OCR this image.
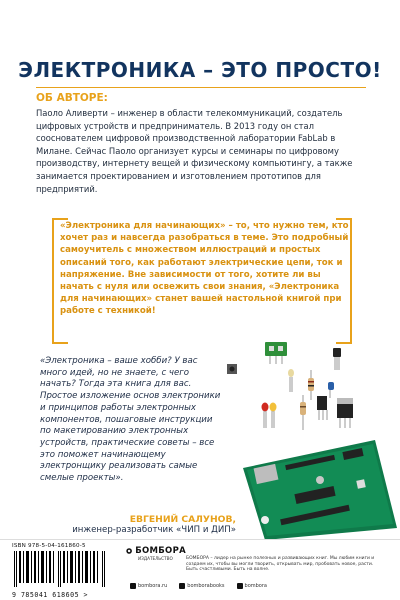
ЭЛЕКТРОНИКА – ЭТО ПРОСТО!
ОБ АВТОРЕ:
Паоло Аливерти – инженер в области телекоммуникаций, создатель цифровых устройств и предприниматель. В 2013 году он стал сооснователем цифровой производственной лаборатории FabLab в Милане. Сейчас Паоло организует курсы и семинары по цифровому производству, интернету вещей и физическому компьютингу, а также занимается проектированием и изготовлением прототипов для предприятий.
«Электроника для начинающих» – то, что нужно тем, кто хочет раз и навсегда разобраться в теме. Это подробный самоучитель с множеством иллюстраций и простых описаний того, как работают электрические цепи, ток и напряжение. Вне зависимости от того, хотите ли вы начать с нуля или освежить свои знания, «Электроника для начинающих» станет вашей настольной книгой при работе с техникой!
«Электроника – ваше хобби? У вас много идей, но не знаете, с чего начать? Тогда эта книга для вас. Простое изложение основ электроники и принципов работы электронных компонентов, пошаговые инструкции по макетированию электронных устройств, практические советы – все это поможет начинающему электронщику реализовать самые смелые проекты».
ЕВГЕНИЙ САЛУНОВ,
инженер-разработчик «ЧИП и ДИП»
ISBN 978-5-04-161860-5
9 785041 618605 >
БОМБОРА
ИЗДАТЕЛЬСТВО	БОМБОРА – лидер на рынке полезных и развивающих книг. Мы любим книги и создаем их, чтобы вы могли творить, открывать мир, пробовать новое, расти. Быть счастливыми. Быть на волне.
bombora.ru	bomborabooks	bombora
